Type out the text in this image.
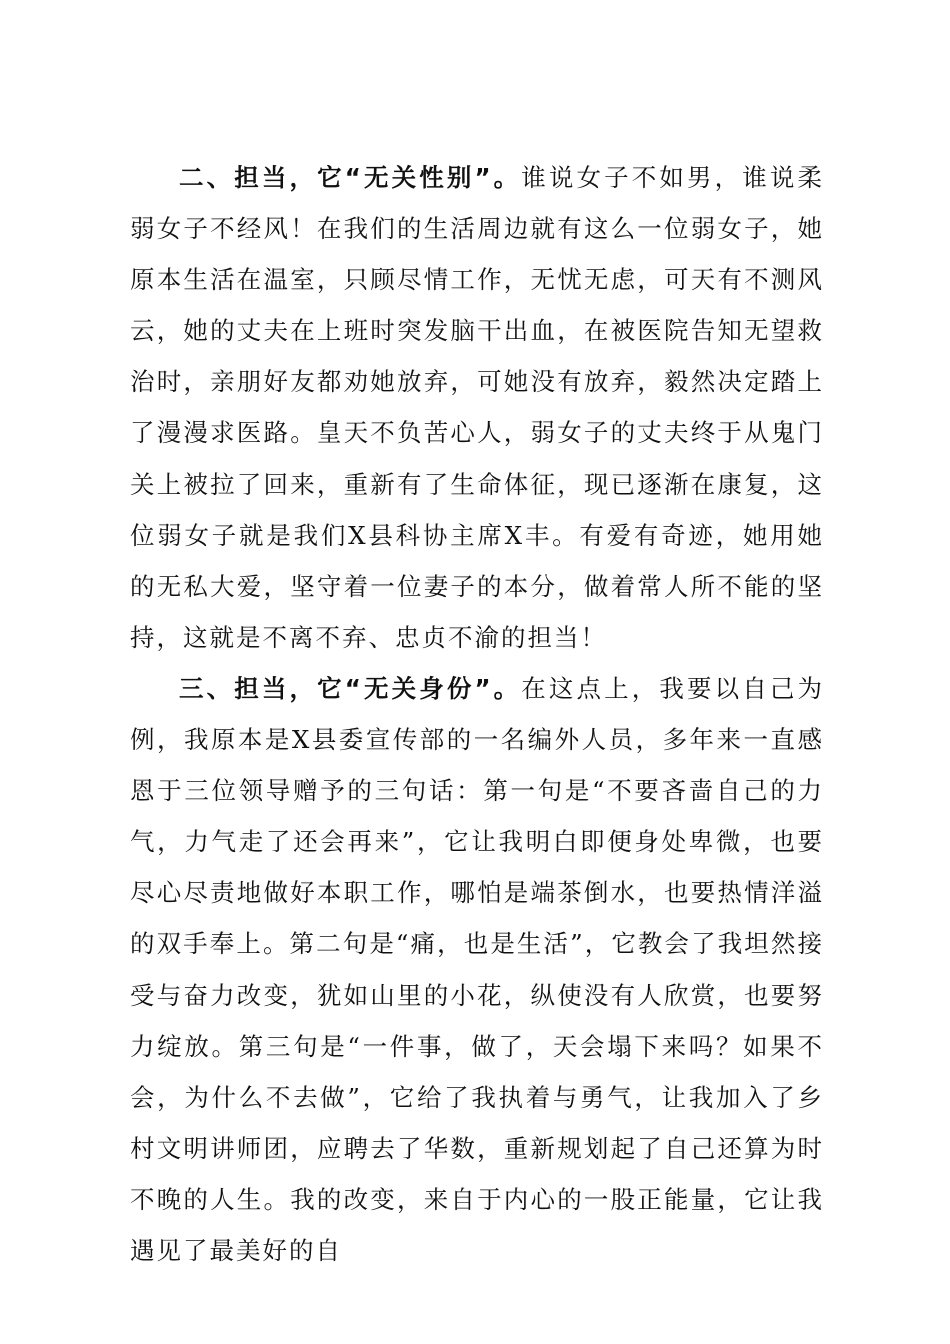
二、担当，它“无关性别”。谁说女子不如男，谁说柔弱女子不经风！在我们的生活周边就有这么一位弱女子，她原本生活在温室，只顾尽情工作，无忧无虑，可天有不测风云，她的丈夫在上班时突发脑干出血，在被医院告知无望救治时，亲朋好友都劝她放弃，可她没有放弃，毅然决定踏上了漫漫求医路。皇天不负苦心人，弱女子的丈夫终于从鬼门关上被拉了回来，重新有了生命体征，现已逐渐在康复，这位弱女子就是我们X县科协主席X丰。有爱有奇迹，她用她的无私大爱，坚守着一位妻子的本分，做着常人所不能的坚持，这就是不离不弃、忠贞不渝的担当！

三、担当，它“无关身份”。在这点上，我要以自己为例，我原本是X县委宣传部的一名编外人员，多年来一直感恩于三位领导赠予的三句话：第一句是“不要吝啬自己的力气，力气走了还会再来”，它让我明白即便身处卑微，也要尽心尽责地做好本职工作，哪怕是端茶倒水，也要热情洋溢的双手奉上。第二句是“痛，也是生活”，它教会了我坦然接受与奋力改变，犹如山里的小花，纵使没有人欣赏，也要努力绽放。第三句是“一件事，做了，天会塌下来吗？如果不会，为什么不去做”，它给了我执着与勇气，让我加入了乡村文明讲师团，应聘去了华数，重新规划起了自己还算为时不晚的人生。我的改变，来自于内心的一股正能量，它让我遇见了最美好的自
